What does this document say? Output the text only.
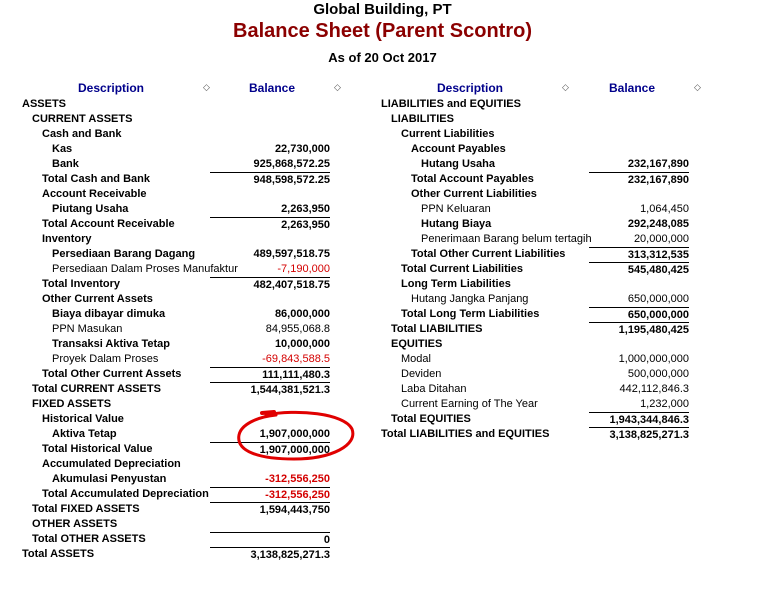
Global Building, PT
Balance Sheet (Parent Scontro)
As of 20 Oct 2017
Description	◇	Balance	◇	Description	◇	Balance	◇
ASSETS
CURRENT ASSETS
Cash and Bank
Kas	22,730,000
Bank	925,868,572.25
Total Cash and Bank	948,598,572.25
Account Receivable
Piutang Usaha	2,263,950
Total Account Receivable	2,263,950
Inventory
Persediaan Barang Dagang	489,597,518.75
Persediaan Dalam Proses Manufaktur	-7,190,000
Total Inventory	482,407,518.75
Other Current Assets
Biaya dibayar dimuka	86,000,000
PPN Masukan	84,955,068.8
Transaksi Aktiva Tetap	10,000,000
Proyek Dalam Proses	-69,843,588.5
Total Other Current Assets	111,111,480.3
Total CURRENT ASSETS	1,544,381,521.3
FIXED ASSETS
Historical Value
Aktiva Tetap	1,907,000,000
Total Historical Value	1,907,000,000
Accumulated Depreciation
Akumulasi Penyustan	-312,556,250
Total Accumulated Depreciation	-312,556,250
Total FIXED ASSETS	1,594,443,750
OTHER ASSETS
Total OTHER ASSETS	0
Total ASSETS	3,138,825,271.3
LIABILITIES and EQUITIES
LIABILITIES
Current Liabilities
Account Payables
Hutang Usaha	232,167,890
Total Account Payables	232,167,890
Other Current Liabilities
PPN Keluaran	1,064,450
Hutang Biaya	292,248,085
Penerimaan Barang belum tertagih	20,000,000
Total Other Current Liabilities	313,312,535
Total Current Liabilities	545,480,425
Long Term Liabilities
Hutang Jangka Panjang	650,000,000
Total Long Term Liabilities	650,000,000
Total LIABILITIES	1,195,480,425
EQUITIES
Modal	1,000,000,000
Deviden	500,000,000
Laba Ditahan	442,112,846.3
Current Earning of The Year	1,232,000
Total EQUITIES	1,943,344,846.3
Total LIABILITIES and EQUITIES	3,138,825,271.3
